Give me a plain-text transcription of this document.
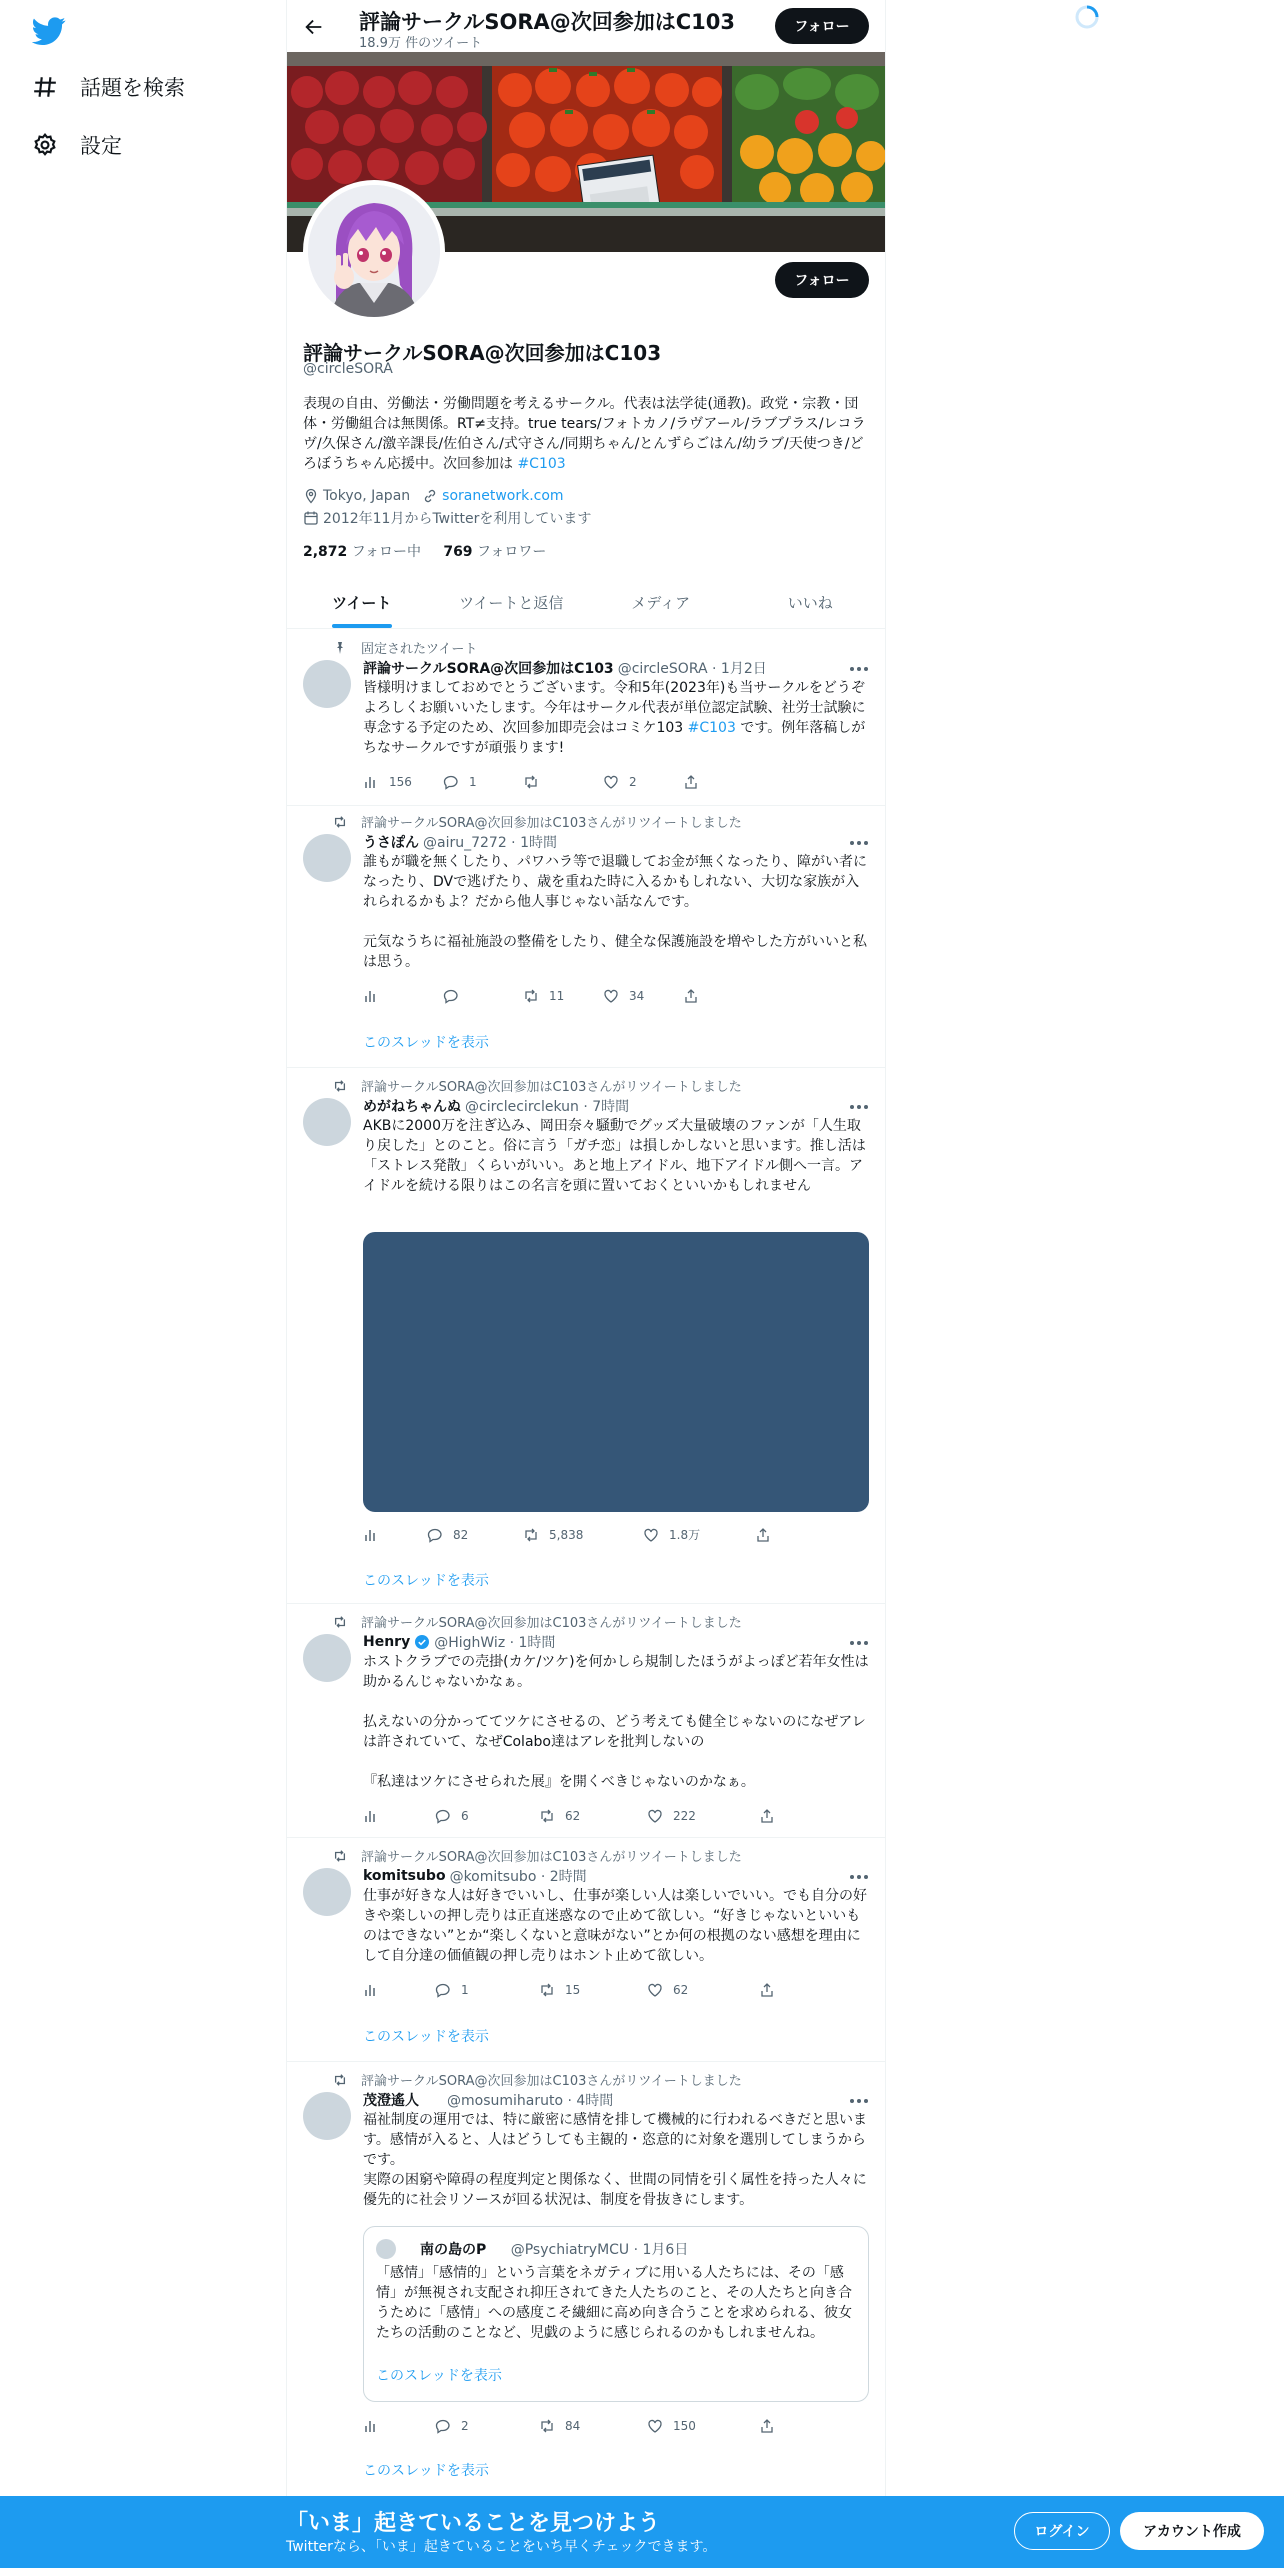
話題を検索
設定
評論サークルSORA@次回参加はC103
18.9万 件のツイート
フォロー
フォロー
評論サークルSORA@次回参加はC103
@circleSORA
表現の自由、労働法・労働問題を考えるサークル。代表は法学徒(通教)。政党・宗教・団体・労働組合は無関係。RT≠支持。true tears/フォトカノ/ラヴアール/ラブプラス/レコラヴ/久保さん/激辛課長/佐伯さん/式守さん/同期ちゃん/とんずらごはん/幼ラブ/天使つき/どろぼうちゃん応援中。次回参加は #C103
Tokyo, Japan soranetwork.com
2012年11月からTwitterを利用しています
2,872 フォロー中 769 フォロワー
ツイート	ツイートと返信	メディア	いいね
固定されたツイート
評論サークルSORA@次回参加はC103 @circleSORA · 1月2日
皆様明けましておめでとうございます。令和5年(2023年)も当サークルをどうぞよろしくお願いいたします。今年はサークル代表が単位認定試験、社労士試験に専念する予定のため、次回参加即売会はコミケ103 #C103 です。例年落稿しがちなサークルですが頑張ります!
156	1	2
評論サークルSORA@次回参加はC103さんがリツイートしました
うさぽん @airu_7272 · 1時間
誰もが職を無くしたり、パワハラ等で退職してお金が無くなったり、障がい者になったり、DVで逃げたり、歳を重ねた時に入るかもしれない、大切な家族が入れられるかもよ？だから他人事じゃない話なんです。

元気なうちに福祉施設の整備をしたり、健全な保護施設を増やした方がいいと私は思う。
11	34
このスレッドを表示
評論サークルSORA@次回参加はC103さんがリツイートしました
めがねちゃんぬ @circlecirclekun · 7時間
AKBに2000万を注ぎ込み、岡田奈々騒動でグッズ大量破壊のファンが「人生取り戻した」とのこと。俗に言う「ガチ恋」は損しかしないと思います。推し活は「ストレス発散」くらいがいい。あと地上アイドル、地下アイドル側へ一言。アイドルを続ける限りはこの名言を頭に置いておくといいかもしれません
82	5,838	1.8万
このスレッドを表示
評論サークルSORA@次回参加はC103さんがリツイートしました
Henry @HighWiz · 1時間
ホストクラブでの売掛(カケ/ツケ)を何かしら規制したほうがよっぽど若年女性は助かるんじゃないかなぁ。

払えないの分かっててツケにさせるの、どう考えても健全じゃないのになぜアレは許されていて、なぜColabo達はアレを批判しないの

『私達はツケにさせられた展』を開くべきじゃないのかなぁ。
6	62	222
評論サークルSORA@次回参加はC103さんがリツイートしました
komitsubo @komitsubo · 2時間
仕事が好きな人は好きでいいし、仕事が楽しい人は楽しいでいい。でも自分の好きや楽しいの押し売りは正直迷惑なので止めて欲しい。“好きじゃないといいものはできない”とか“楽しくないと意味がない”とか何の根拠のない感想を理由にして自分達の価値観の押し売りはホント止めて欲しい。
1	15	62
このスレッドを表示
評論サークルSORA@次回参加はC103さんがリツイートしました
茂澄遙人 @mosumiharuto · 4時間
福祉制度の運用では、特に厳密に感情を排して機械的に行われるべきだと思います。感情が入ると、人はどうしても主観的・恣意的に対象を選別してしまうからです。
実際の困窮や障碍の程度判定と関係なく、世間の同情を引く属性を持った人々に優先的に社会リソースが回る状況は、制度を骨抜きにします。
南の島のP @PsychiatryMCU · 1月6日
「感情」「感情的」という言葉をネガティブに用いる人たちには、その「感情」が無視され支配され抑圧されてきた人たちのこと、その人たちと向き合うために「感情」への感度こそ繊細に高め向き合うことを求められる、彼女たちの活動のことなど、児戯のように感じられるのかもしれませんね。
このスレッドを表示
2	84	150
このスレッドを表示
「いま」起きていることを見つけよう
Twitterなら、「いま」起きていることをいち早くチェックできます。
ログイン	アカウント作成
